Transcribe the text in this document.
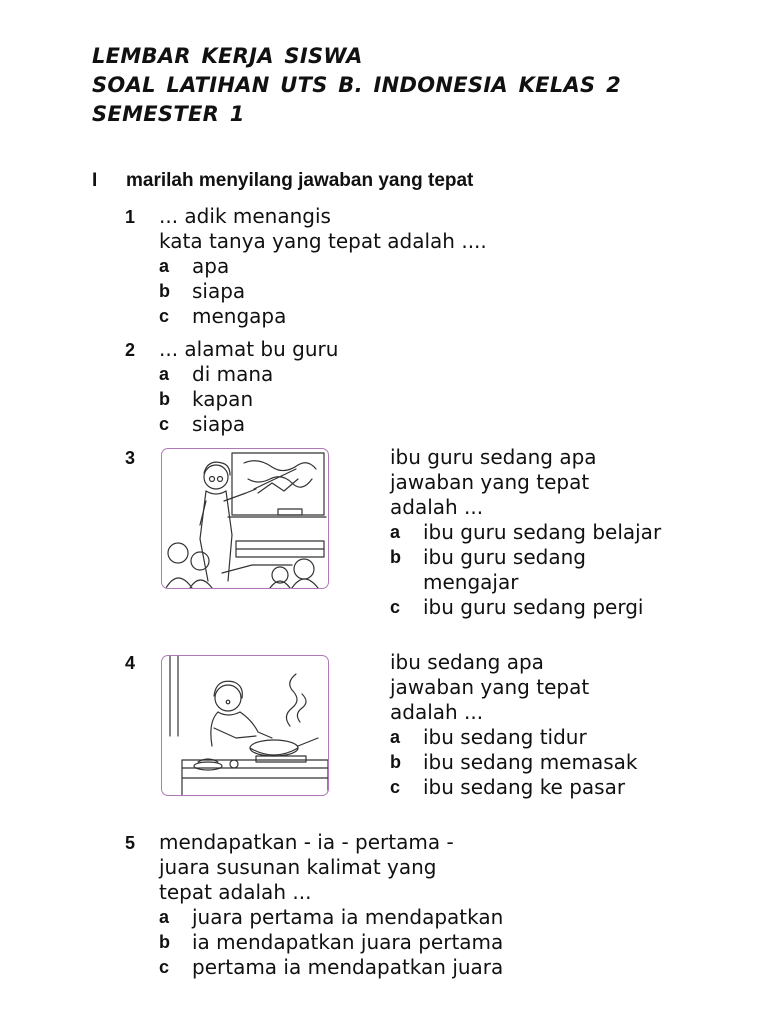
LEMBAR KERJA SISWA
SOAL LATIHAN UTS B. INDONESIA KELAS 2
SEMESTER 1
I marilah menyilang jawaban yang tepat
1 ... adik menangis
kata tanya yang tepat adalah ....
a	apa
b	siapa
c	mengapa
2 ... alamat bu guru
a	di mana
b	kapan
c	siapa
3	ibu guru sedang apa
jawaban yang tepat
adalah ...
a	ibu guru sedang belajar
b	ibu guru sedang
mengajar
c	ibu guru sedang pergi
4	ibu sedang apa
jawaban yang tepat
adalah ...
a	ibu sedang tidur
b	ibu sedang memasak
c	ibu sedang ke pasar
5 mendapatkan - ia - pertama -
juara susunan kalimat yang
tepat adalah ...
a	juara pertama ia mendapatkan
b	ia mendapatkan juara pertama
c	pertama ia mendapatkan juara
